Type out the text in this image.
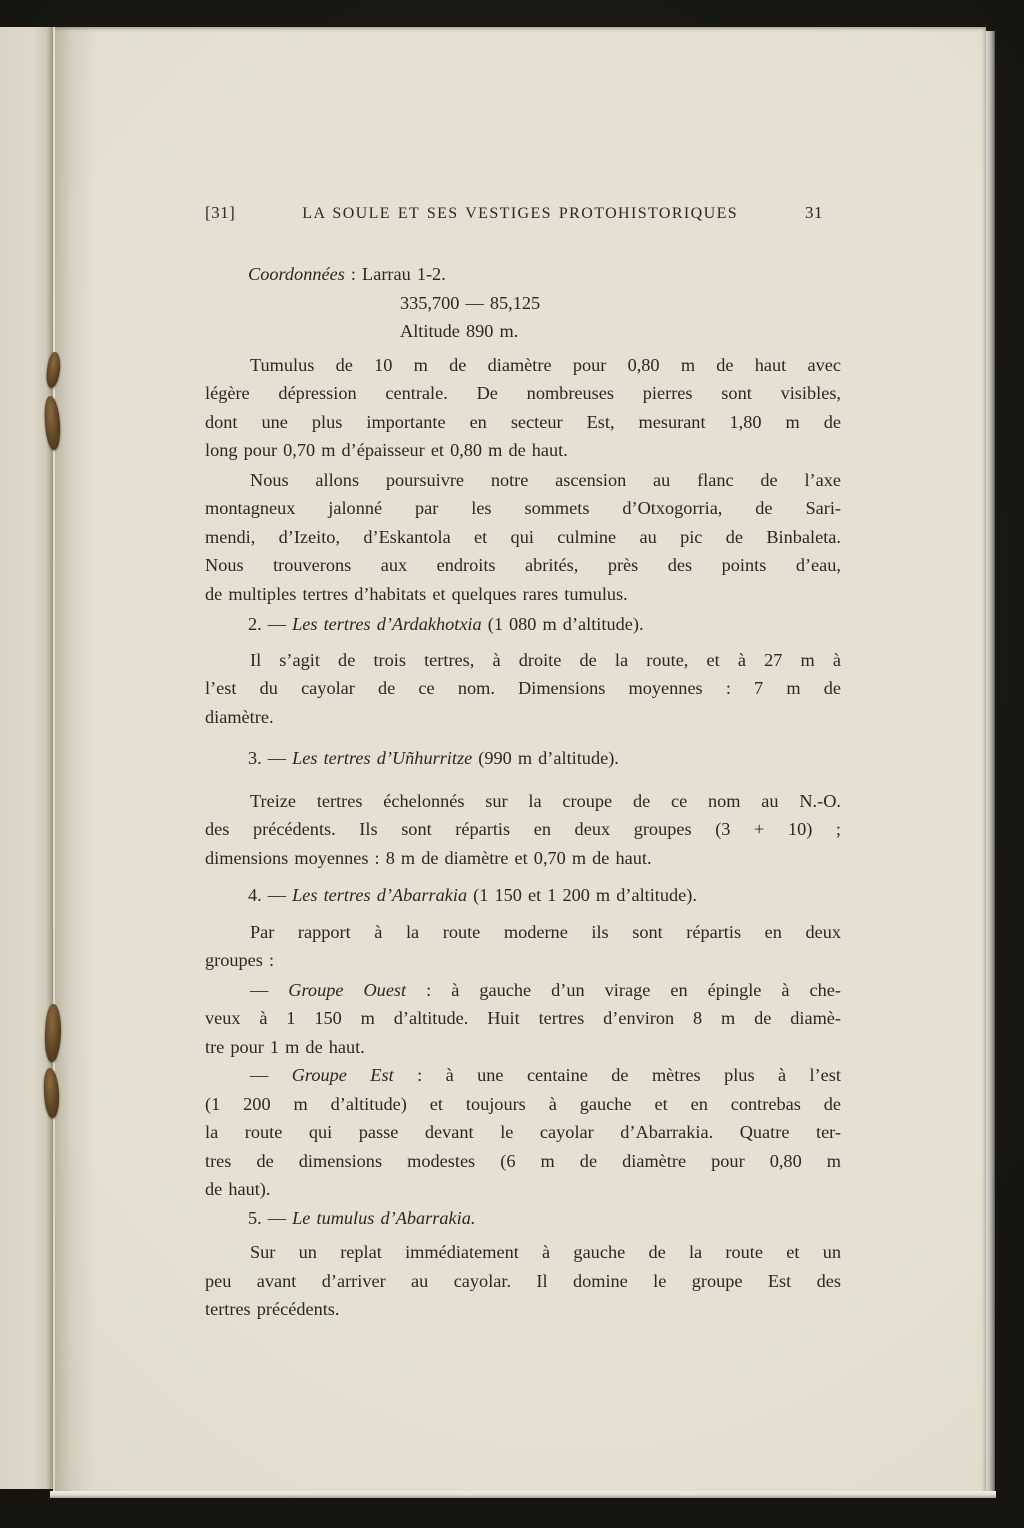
[31]	LA SOULE ET SES VESTIGES PROTOHISTORIQUES	31
Coordonnées : Larrau 1-2.
335,700 — 85,125
Altitude 890 m.
Tumulus de 10 m de diamètre pour 0,80 m de haut avec
légère dépression centrale. De nombreuses pierres sont visibles,
dont une plus importante en secteur Est, mesurant 1,80 m de
long pour 0,70 m d’épaisseur et 0,80 m de haut.
Nous allons poursuivre notre ascension au flanc de l’axe
montagneux jalonné par les sommets d’Otxogorria, de Sari-
mendi, d’Izeito, d’Eskantola et qui culmine au pic de Binbaleta.
Nous trouverons aux endroits abrités, près des points d’eau,
de multiples tertres d’habitats et quelques rares tumulus.
2. — Les tertres d’Ardakhotxia (1 080 m d’altitude).
Il s’agit de trois tertres, à droite de la route, et à 27 m à
l’est du cayolar de ce nom. Dimensions moyennes : 7 m de
diamètre.
3. — Les tertres d’Uñhurritze (990 m d’altitude).
Treize tertres échelonnés sur la croupe de ce nom au N.-O.
des précédents. Ils sont répartis en deux groupes (3 + 10) ;
dimensions moyennes : 8 m de diamètre et 0,70 m de haut.
4. — Les tertres d’Abarrakia (1 150 et 1 200 m d’altitude).
Par rapport à la route moderne ils sont répartis en deux
groupes :
— Groupe Ouest : à gauche d’un virage en épingle à che-
veux à 1 150 m d’altitude. Huit tertres d’environ 8 m de diamè-
tre pour 1 m de haut.
— Groupe Est : à une centaine de mètres plus à l’est
(1 200 m d’altitude) et toujours à gauche et en contrebas de
la route qui passe devant le cayolar d’Abarrakia. Quatre ter-
tres de dimensions modestes (6 m de diamètre pour 0,80 m
de haut).
5. — Le tumulus d’Abarrakia.
Sur un replat immédiatement à gauche de la route et un
peu avant d’arriver au cayolar. Il domine le groupe Est des
tertres précédents.
